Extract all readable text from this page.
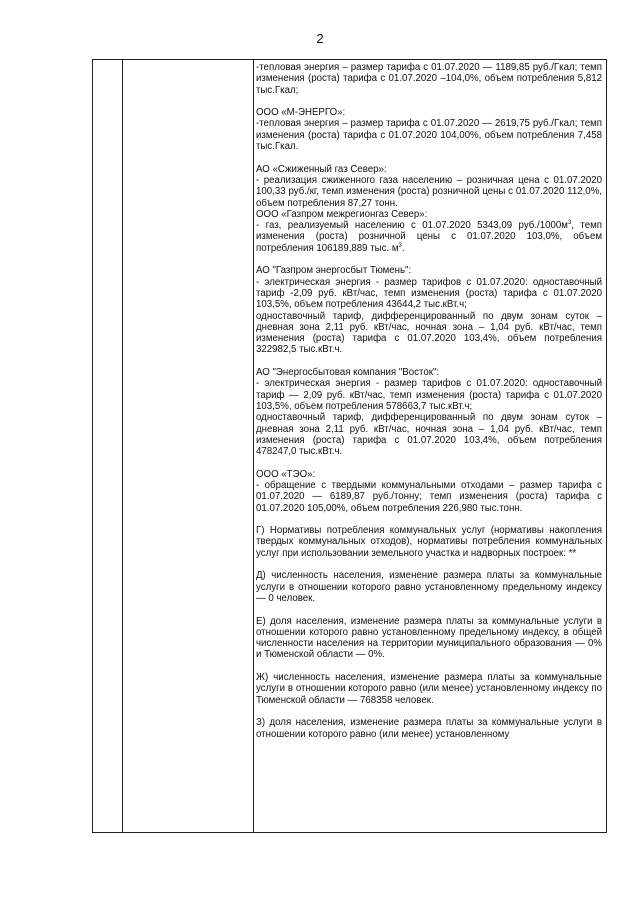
2

-тепловая энергия – размер тарифа с 01.07.2020 — 1189,85 руб./Гкал; темп изменения (роста) тарифа с 01.07.2020 –104,0%, объем потребления 5,812 тыс.Гкал;

ООО «М-ЭНЕРГО»:
-тепловая энергия – размер тарифа с 01.07.2020 — 2619,75 руб./Гкал; темп изменения (роста) тарифа с 01.07.2020 104,00%, объем потребления 7,458 тыс.Гкал.

АО «Сжиженный газ Север»:
- реализация сжиженного газа населению – розничная цена с 01.07.2020 100,33 руб./кг, темп изменения (роста) розничной цены с 01.07.2020 112,0%, объем потребления 87,27 тонн.
ООО «Газпром межрегионгаз Север»:
- газ, реализуемый населению с 01.07.2020 5343,09 $руб./1000м^3$, темп изменения (роста) розничной цены с 01.07.2020 103,0%, объем потребления 106189,889 тыс. $м^3$.

АО "Газпром энергосбыт Тюмень":
- электрическая энергия - размер тарифов с 01.07.2020: одноставочный тариф -2,09 руб. кВт/час, темп изменения (роста) тарифа с 01.07.2020 103,5%, объем потребления 43644,2 тыс.кВт.ч;
одноставочный тариф, дифференцированный по двум зонам суток – дневная зона 2,11 руб. кВт/час, ночная зона – 1,04 руб. кВт/час, темп изменения (роста) тарифа с 01.07.2020 103,4%, объем потребления 322982,5 тыс.кВт.ч.

АО "Энергосбытовая компания "Восток":
- электрическая энергия - размер тарифов с 01.07.2020: одноставочный тариф — 2,09 руб. кВт/час, темп изменения (роста) тарифа с 01.07.2020 103,5%, объем потребления 578663,7 тыс.кВт.ч;
одноставочный тариф, дифференцированный по двум зонам суток – дневная зона 2,11 руб. кВт/час, ночная зона – 1,04 руб. кВт/час, темп изменения (роста) тарифа с 01.07.2020 103,4%, объем потребления 478247,0 тыс.кВт.ч.

ООО «ТЭО»:
- обращение с твердыми коммунальными отходами – размер тарифа с 01.07.2020 — 6189,87 руб./тонну; темп изменения (роста) тарифа с 01.07.2020 105,00%, объем потребления 226,980 тыс.тонн.

Г) Нормативы потребления коммунальных услуг (нормативы накопления твердых коммунальных отходов), нормативы потребления коммунальных услуг при использовании земельного участка и надворных построек: **

Д) численность населения, изменение размера платы за коммунальные услуги в отношении которого равно установленному предельному индексу — 0 человек.

Е) доля населения, изменение размера платы за коммунальные услуги в отношении которого равно установленному предельному индексу, в общей численности населения на территории муниципального образования — 0% и Тюменской области — 0%.

Ж) численность населения, изменение размера платы за коммунальные услуги в отношении которого равно (или менее) установленному индексу по Тюменской области — 768358 человек.

З) доля населения, изменение размера платы за коммунальные услуги в отношении которого равно (или менее) установленному
